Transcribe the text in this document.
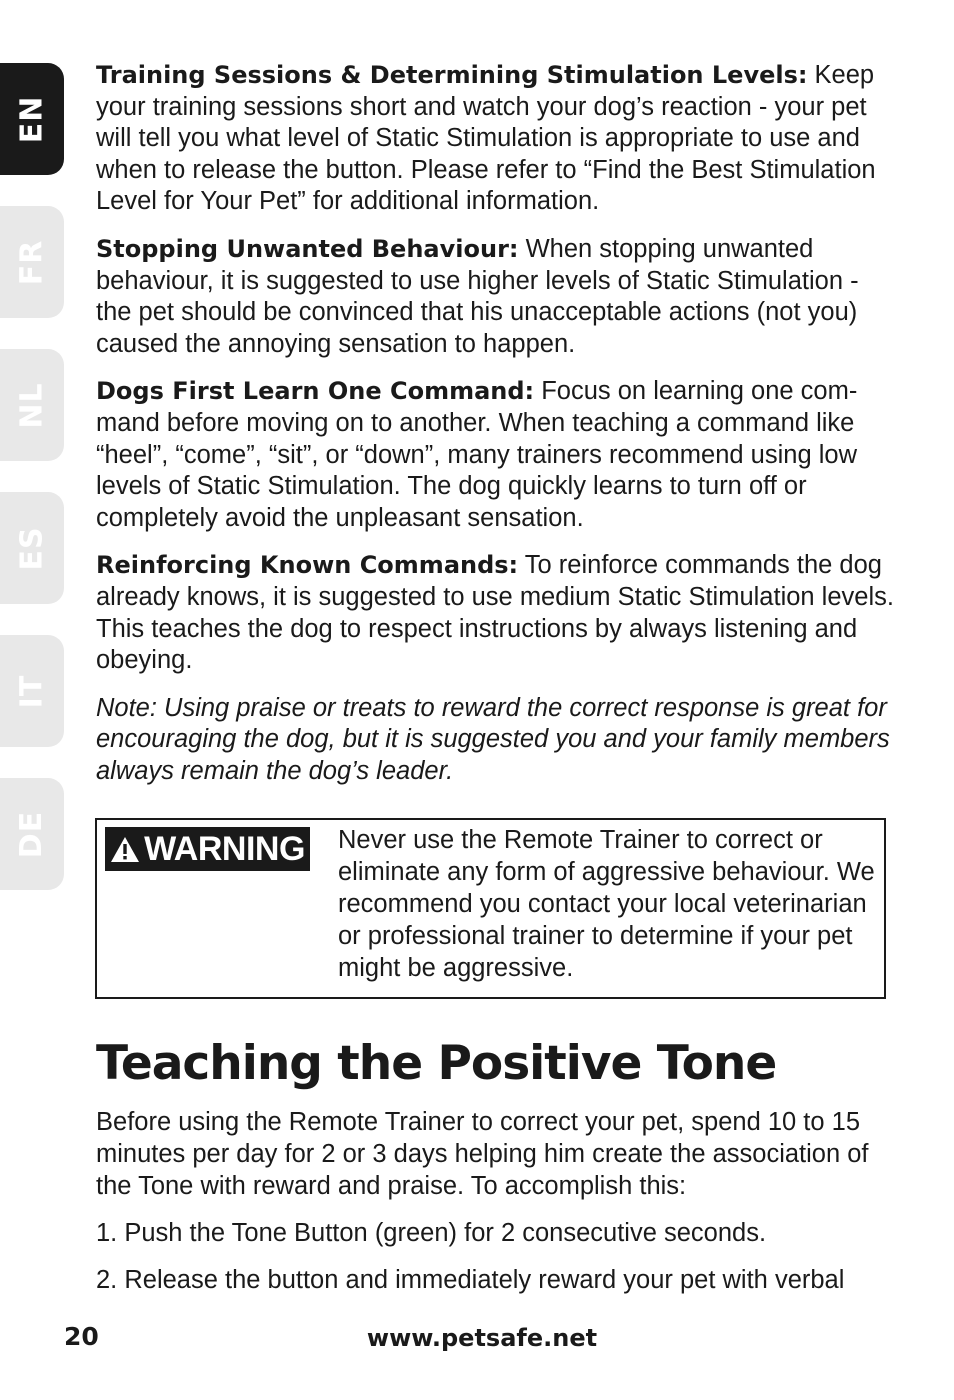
EN
FR
NL
ES
IT
DE

Training Sessions & Determining Stimulation Levels: Keep your training sessions short and watch your dog’s reaction - your pet will tell you what level of Static Stimulation is appropriate to use and when to release the button. Please refer to “Find the Best Stimulation Level for Your Pet” for additional information.

Stopping Unwanted Behaviour: When stopping unwanted behaviour, it is suggested to use higher levels of Static Stimulation - the pet should be convinced that his unacceptable actions (not you) caused the annoying sensation to happen.

Dogs First Learn One Command: Focus on learning one com- mand before moving on to another. When teaching a command like “heel”, “come”, “sit”, or “down”, many trainers recommend using low levels of Static Stimulation. The dog quickly learns to turn off or completely avoid the unpleasant sensation.

Reinforcing Known Commands: To reinforce commands the dog already knows, it is suggested to use medium Static Stimulation levels. This teaches the dog to respect instructions by always listening and obeying.

Note: Using praise or treats to reward the correct response is great for encouraging the dog, but it is suggested you and your family members always remain the dog’s leader.

WARNING Never use the Remote Trainer to correct or eliminate any form of aggressive behaviour. We recommend you contact your local veterinarian or professional trainer to determine if your pet might be aggressive.
Teaching the Positive Tone

Before using the Remote Trainer to correct your pet, spend 10 to 15 minutes per day for 2 or 3 days helping him create the association of the Tone with reward and praise. To accomplish this:

1. Push the Tone Button (green) for 2 consecutive seconds.

2. Release the button and immediately reward your pet with verbal

20	www.petsafe.net
